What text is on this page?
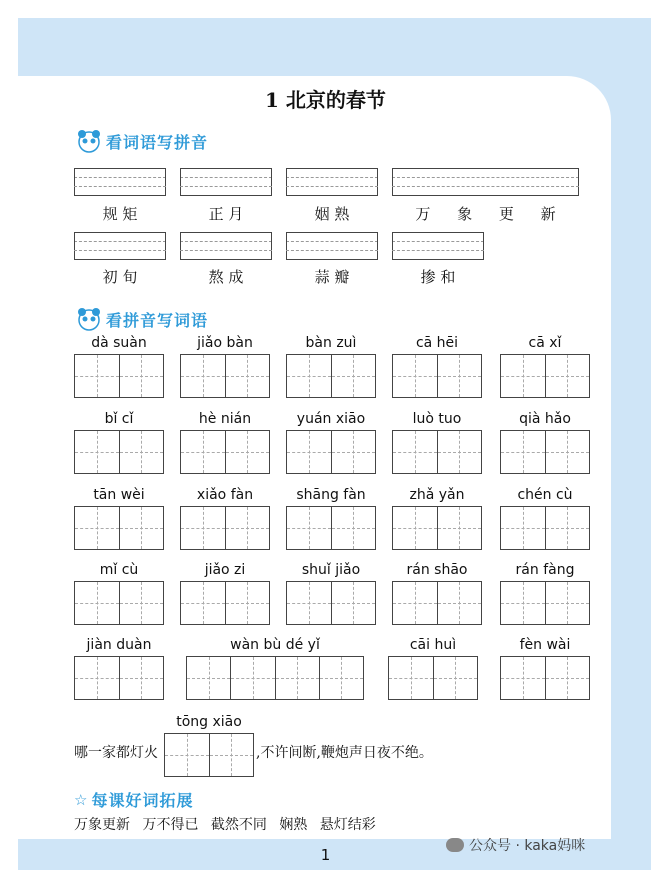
1 北京的春节
看词语写拼音
规 矩	正 月	姻 熟	万 象 更 新
初 旬	熬 成	蒜 瓣	掺 和
看拼音写词语
dà suàn	jiǎo bàn	bàn zuì	cā hēi	cā xǐ
bǐ cǐ	hè nián	yuán xiāo	luò tuo	qià hǎo
tān wèi	xiǎo fàn	shāng fàn	zhǎ yǎn	chén cù
mǐ cù	jiǎo zi	shuǐ jiǎo	rán shāo	rán fàng
jiàn duàn	wàn bù dé yǐ	cāi huì	fèn wài
tōng xiāo
哪一家都灯火	,不许间断,鞭炮声日夜不绝。
☆ 每课好词拓展
万象更新 万不得已 截然不同 娴熟 悬灯结彩
1	公众号 · kaka妈咪
